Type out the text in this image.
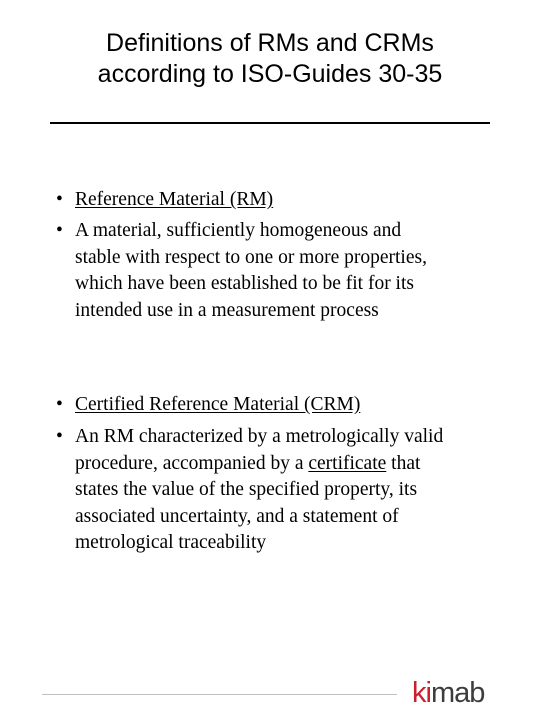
Definitions of RMs and CRMs
according to ISO-Guides 30-35
• Reference Material (RM)
• A material, sufficiently homogeneous and
stable with respect to one or more properties,
which have been established to be fit for its
intended use in a measurement process
• Certified Reference Material (CRM)
• An RM characterized by a metrologically valid
procedure, accompanied by a certificate that
states the value of the specified property, its
associated uncertainty, and a statement of
metrological traceability
kimab
